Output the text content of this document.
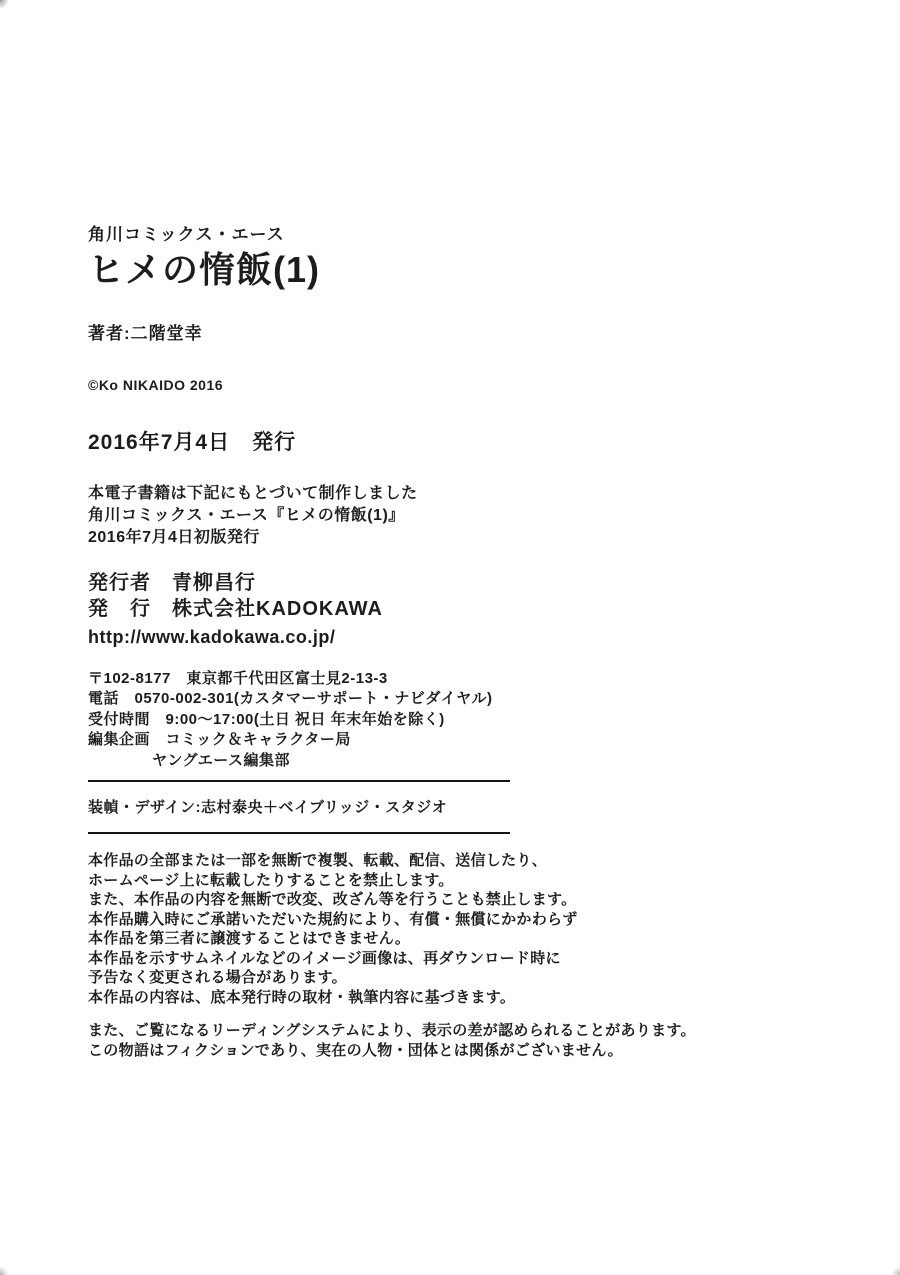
角川コミックス・エース
ヒメの惰飯(1)
著者:二階堂幸
©Ko NIKAIDO 2016
2016年7月4日　発行
本電子書籍は下記にもとづいて制作しました
角川コミックス・エース『ヒメの惰飯(1)』
2016年7月4日初版発行
発行者　青柳昌行
発　行　株式会社KADOKAWA
http://www.kadokawa.co.jp/
〒102-8177　東京都千代田区富士見2-13-3
電話　0570-002-301(カスタマーサポート・ナビダイヤル)
受付時間　9:00～17:00(土日 祝日 年末年始を除く)
編集企画　コミック＆キャラクター局
ヤングエース編集部
装幀・デザイン:志村泰央＋ベイブリッジ・スタジオ
本作品の全部または一部を無断で複製、転載、配信、送信したり、
ホームページ上に転載したりすることを禁止します。
また、本作品の内容を無断で改変、改ざん等を行うことも禁止します。
本作品購入時にご承諾いただいた規約により、有償・無償にかかわらず
本作品を第三者に譲渡することはできません。
本作品を示すサムネイルなどのイメージ画像は、再ダウンロード時に
予告なく変更される場合があります。
本作品の内容は、底本発行時の取材・執筆内容に基づきます。
また、ご覧になるリーディングシステムにより、表示の差が認められることがあります。
この物語はフィクションであり、実在の人物・団体とは関係がございません。
